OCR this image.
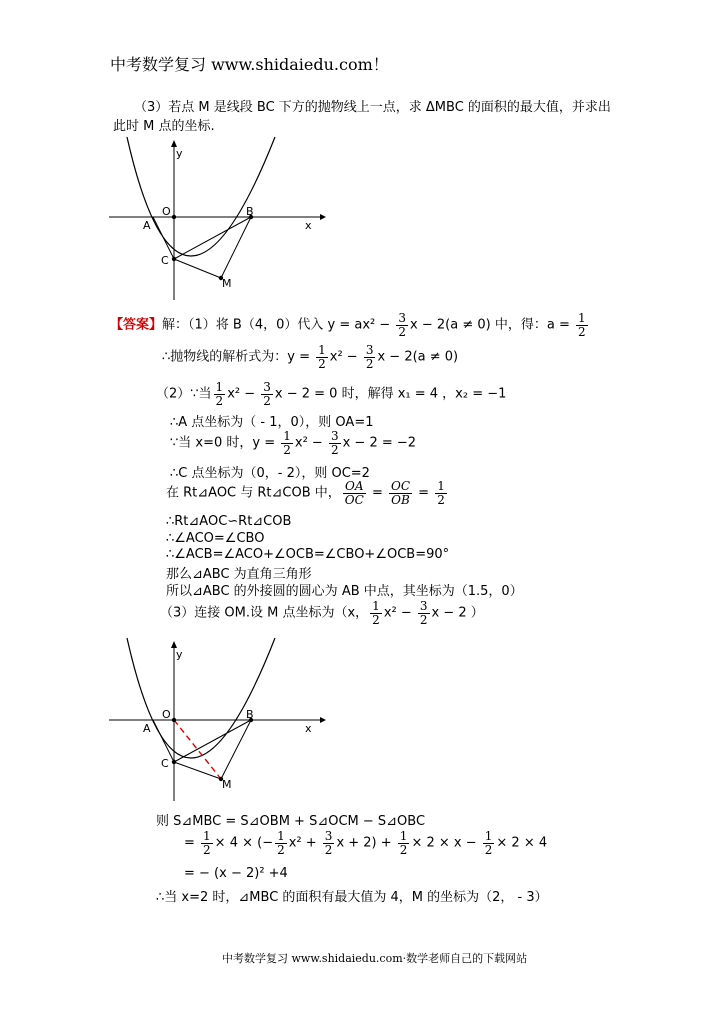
中考数学复习 www.shidaiedu.com！
（3）若点 M 是线段 BC 下方的抛物线上一点，求 ΔMBC 的面积的最大值，并求出
此时 M 点的坐标.
y
x
O
A
B
C
M
【答案】解：（1）将 B（4，0）代入 $y = ax^2 - \frac{3}{2}$ x − 2(a ≠ 0) 中，得：$a = \frac{1}{2}$
∴抛物线的解析式为：$y = \frac{1}{2} x^2 - \frac{3}{2}$ x − 2(a ≠ 0)
（2）∵当 $\frac{1}{2} x^2 - \frac{3}{2}$ x − 2 = 0 时，解得 x₁ = 4 ，x₂ = −1
∴A 点坐标为（ - 1，0），则 OA=1
∵当 x=0 时，$y = \frac{1}{2} x^2 - \frac{3}{2}$ x − 2 = −2
∴C 点坐标为（0，- 2），则 OC=2
在 Rt⊿AOC 与 Rt⊿COB 中， $\frac{OA}{OC} = \frac{OC}{OB} = \frac{1}{2}$
∴Rt⊿AOC∽Rt⊿COB
∴∠ACO=∠CBO
∴∠ACB=∠ACO+∠OCB=∠CBO+∠OCB=90°
那么⊿ABC 为直角三角形
所以⊿ABC 的外接圆的圆心为 AB 中点，其坐标为（1.5，0）
（3）连接 OM.设 M 点坐标为（x， $\frac{1}{2} x^2 - \frac{3}{2}$ x − 2 ）
y
x
O
A
B
C
M
则 S⊿MBC = S⊿OBM + S⊿OCM − S⊿OBC
= $\frac{1}{2} \times 4$ × (− $\frac{1}{2} x^2 + \frac{3}{2}$ $x + 2) + \frac{1}{2} \times 2 \times x - \frac{1}{2} \times 2 \times 4$
= − (x − 2)² +4
∴当 x=2 时，⊿MBC 的面积有最大值为 4，M 的坐标为（2， - 3）
中考数学复习 www.shidaiedu.com·数学老师自己的下载网站
